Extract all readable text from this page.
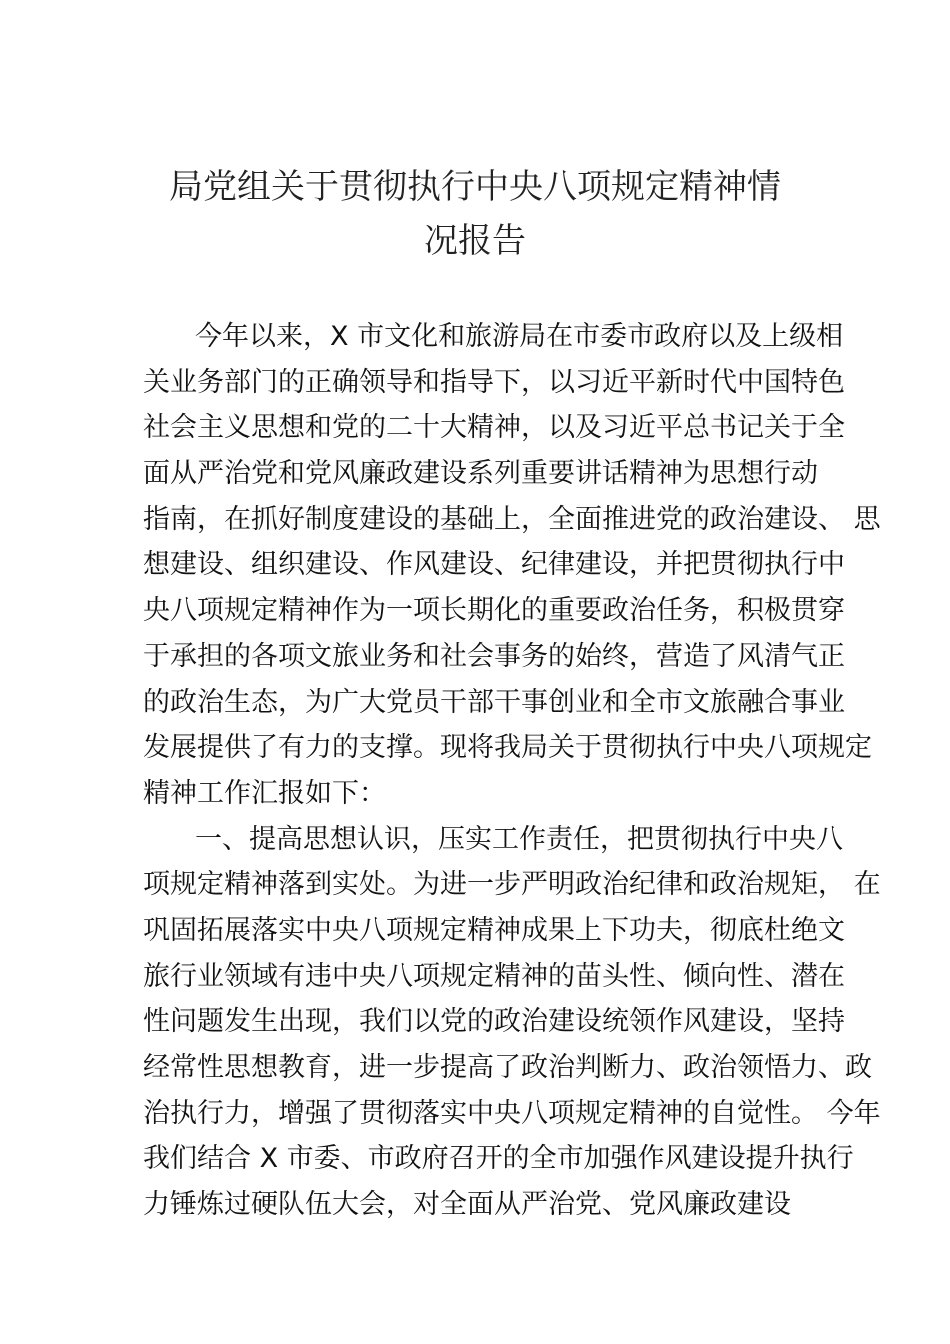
局党组关于贯彻执行中央八项规定精神情
况报告
今年以来，X 市文化和旅游局在市委市政府以及上级相
关业务部门的正确领导和指导下，以习近平新时代中国特色
社会主义思想和党的二十大精神，以及习近平总书记关于全
面从严治党和党风廉政建设系列重要讲话精神为思想行动
指南，在抓好制度建设的基础上，全面推进党的政治建设、 思
想建设、组织建设、作风建设、纪律建设，并把贯彻执行中
央八项规定精神作为一项长期化的重要政治任务，积极贯穿
于承担的各项文旅业务和社会事务的始终，营造了风清气正
的政治生态，为广大党员干部干事创业和全市文旅融合事业
发展提供了有力的支撑。现将我局关于贯彻执行中央八项规定
精神工作汇报如下：
一、提高思想认识，压实工作责任，把贯彻执行中央八
项规定精神落到实处。为进一步严明政治纪律和政治规矩， 在
巩固拓展落实中央八项规定精神成果上下功夫，彻底杜绝文
旅行业领域有违中央八项规定精神的苗头性、倾向性、潜在
性问题发生出现，我们以党的政治建设统领作风建设，坚持
经常性思想教育，进一步提高了政治判断力、政治领悟力、政
治执行力，增强了贯彻落实中央八项规定精神的自觉性。 今年
我们结合 X 市委、市政府召开的全市加强作风建设提升执行
力锤炼过硬队伍大会，对全面从严治党、党风廉政建设
